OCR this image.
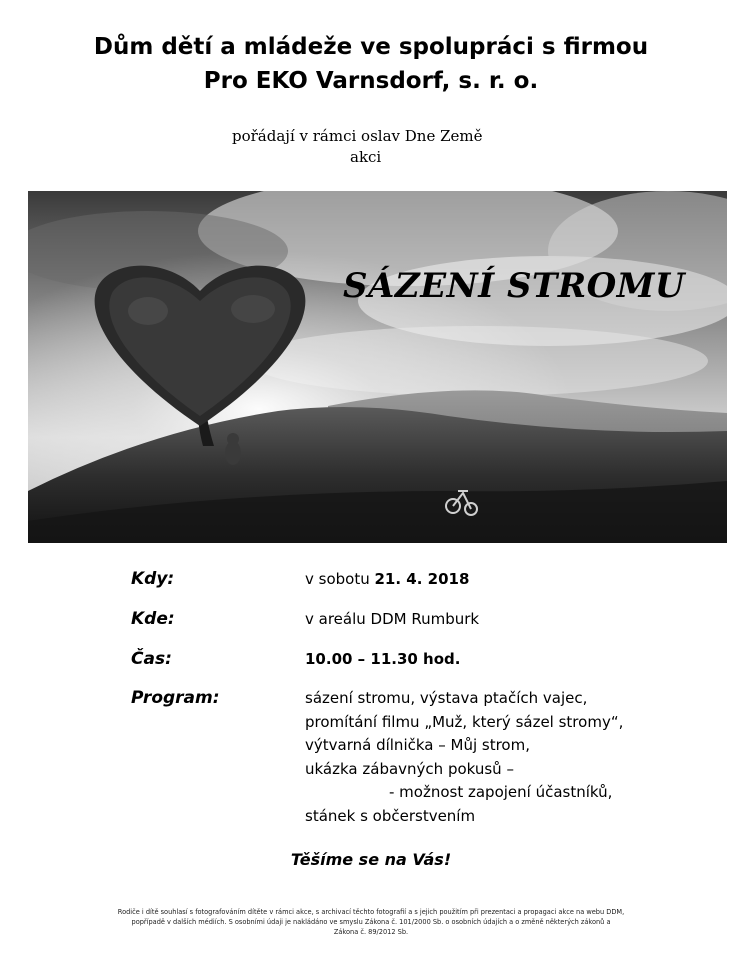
Dům dětí a mládeže ve spolupráci s firmou
Pro EKO Varnsdorf, s. r. o.
pořádají v rámci oslav Dne Země
akci
SÁZENÍ STROMU
Kdy:	v sobotu 21. 4. 2018
Kde:	v areálu DDM Rumburk
Čas:	10.00 – 11.30 hod.
Program:	sázení stromu, výstava ptačích vajec,
promítání filmu „Muž, který sázel stromy“,
výtvarná dílnička – Můj strom,
ukázka zábavných pokusů –
- možnost zapojení účastníků,
stánek s občerstvením
Těšíme se na Vás!
Rodiče i dítě souhlasí s fotografováním dítěte v rámci akce, s archivací těchto fotografií a s jejich použitím při prezentaci a propagaci akce na webu DDM,
popřípadě v dalších médiích. S osobními údaji je nakládáno ve smyslu Zákona č. 101/2000 Sb. o osobních údajích a o změně některých zákonů a
Zákona č. 89/2012 Sb.
